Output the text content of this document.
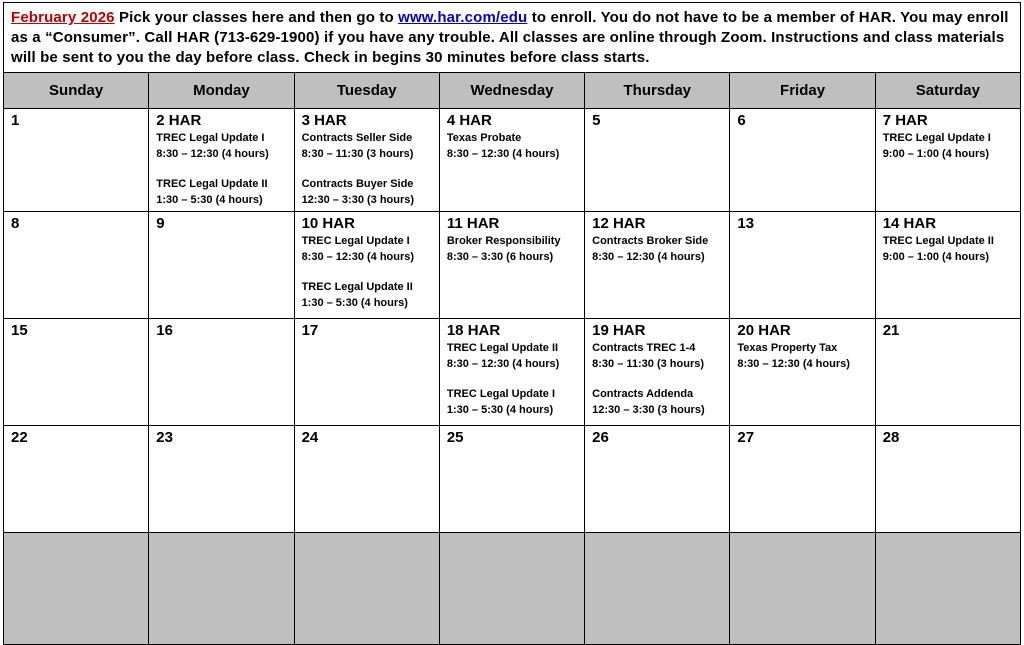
February 2026 Pick your classes here and then go to www.har.com/edu to enroll. You do not have to be a member of HAR. You may enroll as a “Consumer”. Call HAR (713-629-1900) if you have any trouble. All classes are online through Zoom. Instructions and class materials will be sent to you the day before class. Check in begins 30 minutes before class starts.
Sunday	Monday	Tuesday	Wednesday	Thursday	Friday	Saturday

1	2 HAR
TREC Legal Update I
8:30 – 12:30 (4 hours)
TREC Legal Update II
1:30 – 5:30 (4 hours)	3 HAR
Contracts Seller Side
8:30 – 11:30 (3 hours)
Contracts Buyer Side
12:30 – 3:30 (3 hours)	4 HAR
Texas Probate
8:30 – 12:30 (4 hours)	5	6	7 HAR
TREC Legal Update I
9:00 – 1:00 (4 hours)

8	9	10 HAR
TREC Legal Update I
8:30 – 12:30 (4 hours)
TREC Legal Update II
1:30 – 5:30 (4 hours)	11 HAR
Broker Responsibility
8:30 – 3:30 (6 hours)	12 HAR
Contracts Broker Side
8:30 – 12:30 (4 hours)	13	14 HAR
TREC Legal Update II
9:00 – 1:00 (4 hours)

15	16	17	18 HAR
TREC Legal Update II
8:30 – 12:30 (4 hours)
TREC Legal Update I
1:30 – 5:30 (4 hours)	19 HAR
Contracts TREC 1-4
8:30 – 11:30 (3 hours)
Contracts Addenda
12:30 – 3:30 (3 hours)	20 HAR
Texas Property Tax
8:30 – 12:30 (4 hours)	21

22	23	24	25	26	27	28
